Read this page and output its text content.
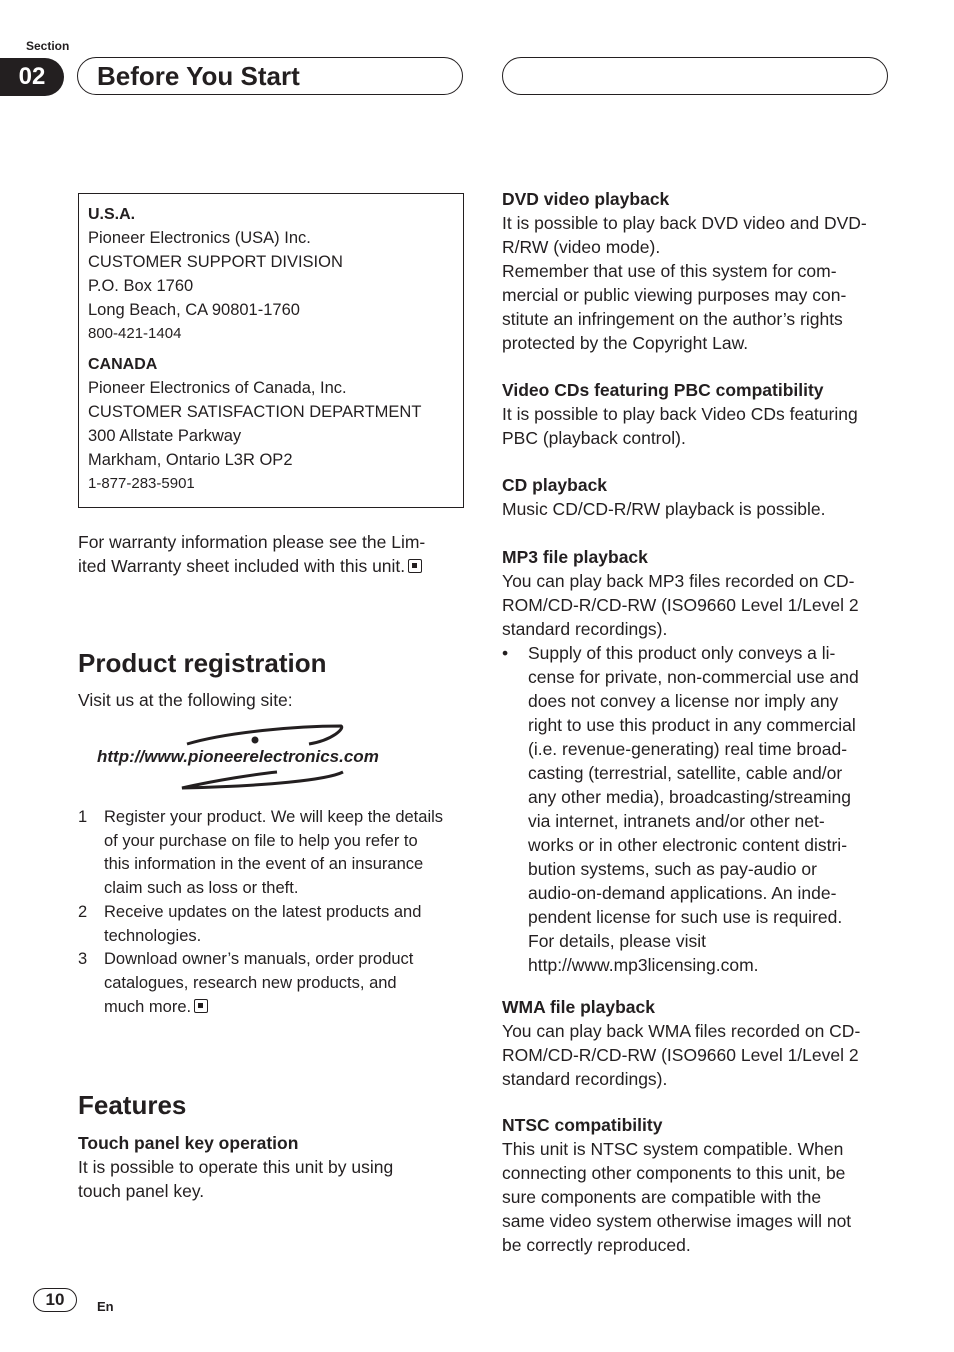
Section
02	Before You Start
U.S.A.
Pioneer Electronics (USA) Inc.
CUSTOMER SUPPORT DIVISION
P.O. Box 1760
Long Beach, CA 90801-1760
800-421-1404
CANADA
Pioneer Electronics of Canada, Inc.
CUSTOMER SATISFACTION DEPARTMENT
300 Allstate Parkway
Markham, Ontario L3R OP2
1-877-283-5901
For warranty information please see the Lim-
ited Warranty sheet included with this unit.
Product registration
Visit us at the following site:
http://www.pioneerelectronics.com
1 Register your product. We will keep the details
of your purchase on file to help you refer to
this information in the event of an insurance
claim such as loss or theft.
2 Receive updates on the latest products and
technologies.
3 Download owner’s manuals, order product
catalogues, research new products, and
much more.
Features
Touch panel key operation
It is possible to operate this unit by using
touch panel key.
DVD video playback
It is possible to play back DVD video and DVD-
R/RW (video mode).
Remember that use of this system for com-
mercial or public viewing purposes may con-
stitute an infringement on the author’s rights
protected by the Copyright Law.
Video CDs featuring PBC compatibility
It is possible to play back Video CDs featuring
PBC (playback control).
CD playback
Music CD/CD-R/RW playback is possible.
MP3 file playback
You can play back MP3 files recorded on CD-
ROM/CD-R/CD-RW (ISO9660 Level 1/Level 2
standard recordings).
• Supply of this product only conveys a li-
cense for private, non-commercial use and
does not convey a license nor imply any
right to use this product in any commercial
(i.e. revenue-generating) real time broad-
casting (terrestrial, satellite, cable and/or
any other media), broadcasting/streaming
via internet, intranets and/or other net-
works or in other electronic content distri-
bution systems, such as pay-audio or
audio-on-demand applications. An inde-
pendent license for such use is required.
For details, please visit
http://www.mp3licensing.com.
WMA file playback
You can play back WMA files recorded on CD-
ROM/CD-R/CD-RW (ISO9660 Level 1/Level 2
standard recordings).
NTSC compatibility
This unit is NTSC system compatible. When
connecting other components to this unit, be
sure components are compatible with the
same video system otherwise images will not
be correctly reproduced.
10	En
